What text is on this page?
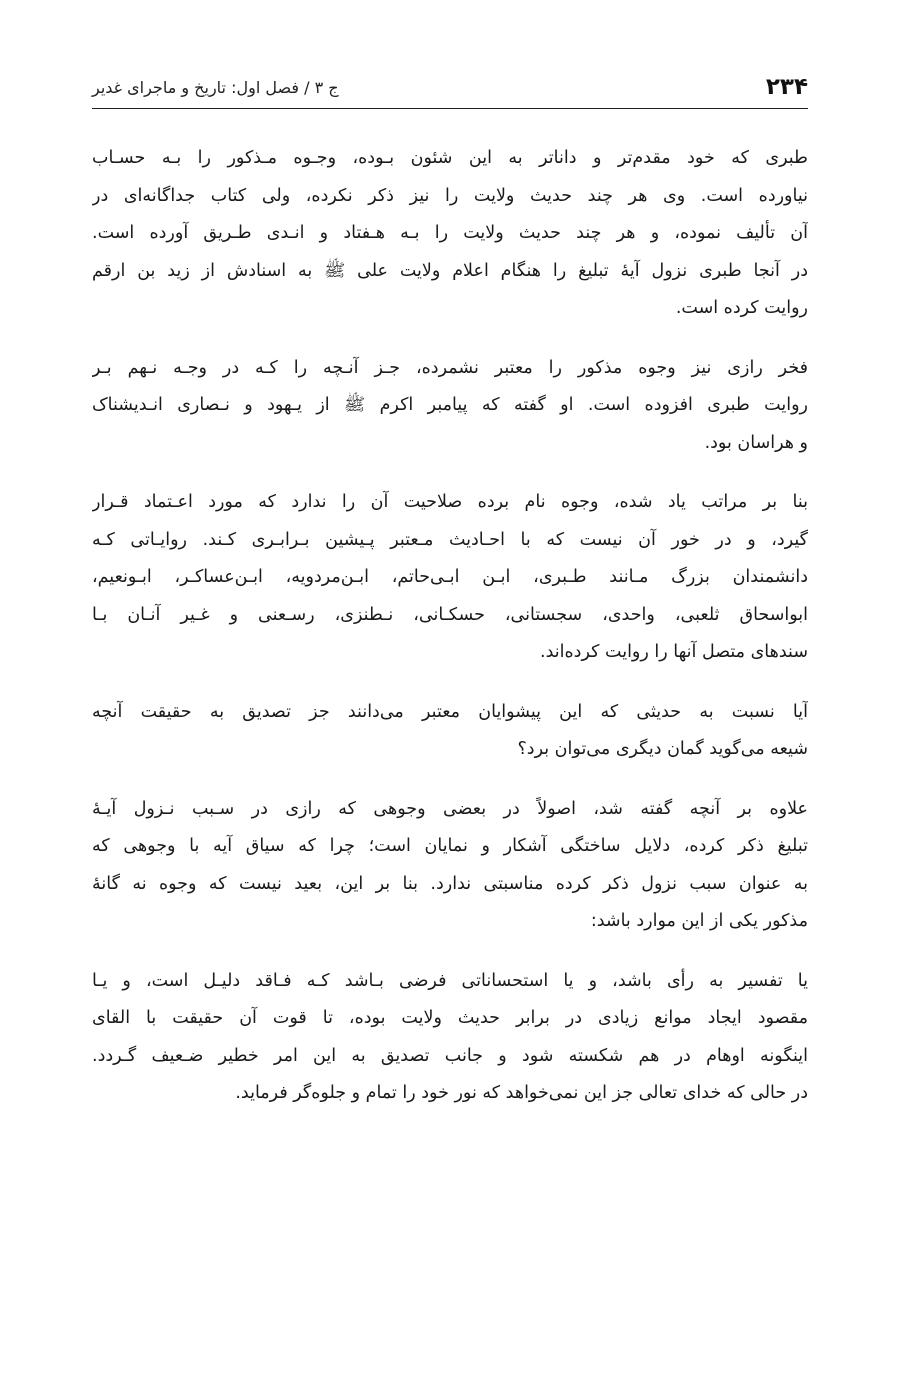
۲۳۴
ج ۳ / فصل اول: تاریخ و ماجرای غدیر
طبری که خود مقدم‌تر و داناتر به این شئون بـوده، وجـوه مـذکور را بـه حسـاب
نیاورده است. وی هر چند حدیث ولایت را نیز ذکر نکرده، ولی کتاب جداگانه‌ای در
آن تألیف نموده، و هر چند حدیث ولایت را بـه هـفتاد و انـدی طـریق آورده است.
در آنجا طبری نزول آیهٔ تبلیغ را هنگام اعلام ولایت علی ﷺ به اسنادش از زید بن ارقم
روایت کرده است.
فخر رازی نیز وجوه مذکور را معتبر نشمرده، جـز آنـچه را کـه در وجـه نـهم بـر
روایت طبری افزوده است. او گفته که پیامبر اکرم ﷺ از یـهود و نـصاری انـدیشناک
و هراسان بود.
بنا بر مراتب یاد شده، وجوه نام برده صلاحیت آن را ندارد که مورد اعـتماد قـرار
گیرد، و در خور آن نیست که با احـادیث مـعتبر پـیشین بـرابـری کـند. روایـاتی کـه
دانشمندان بزرگ مـانند طـبری، ابـن ابـی‌حاتم، ابـن‌مردویه، ابـن‌عساکـر، ابـونعیم،
ابواسحاق ثلعبی، واحدی، سجستانی، حسکـانی، نـطنزی، رسـعنی و غـیر آنـان بـا
سندهای متصل آنها را روایت کرده‌اند.
آیا نسبت به حدیثی که این پیشوایان معتبر می‌دانند جز تصدیق به حقیقت آنچه
شیعه می‌گوید گمان دیگری می‌توان برد؟
علاوه بر آنچه گفته شد، اصولاً در بعضی وجوهی که رازی در سـبب نـزول آیـهٔ
تبلیغ ذکر کرده، دلایل ساختگی آشکار و نمایان است؛ چرا که سیاق آیه با وجوهی که
به عنوان سبب نزول ذکر کرده مناسبتی ندارد. بنا بر این، بعید نیست که وجوه نه گانهٔ
مذکور یکی از این موارد باشد:
یا تفسیر به رأی باشد، و یا استحساناتی فرضی بـاشد کـه فـاقد دلیـل است، و یـا
مقصود ایجاد موانع زیادی در برابر حدیث ولایت بوده، تا قوت آن حقیقت با القای
اینگونه اوهام در هم شکسته شود و جانب تصدیق به این امر خطیر ضـعیف گـردد.
در حالی که خدای تعالی جز این نمی‌خواهد که نور خود را تمام و جلوه‌گر فرماید.
